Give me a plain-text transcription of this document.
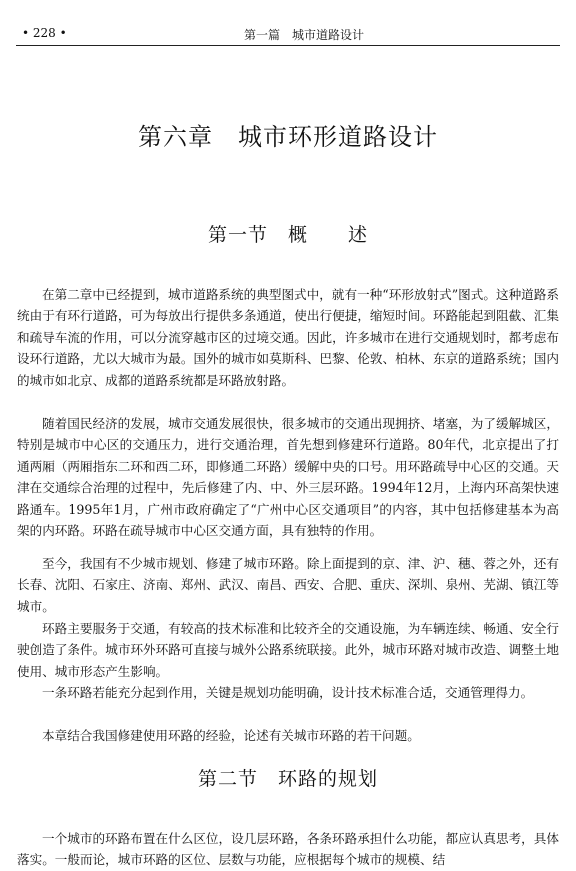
• 228 •	第一篇　城市道路设计
第六章　城市环形道路设计
第一节　概　　述

在第二章中已经提到，城市道路系统的典型图式中，就有一种“环形放射式”图式。这种道路系统由于有环行道路，可为每放出行提供多条通道，使出行便捷，缩短时间。环路能起到阻截、汇集和疏导车流的作用，可以分流穿越市区的过境交通。因此，许多城市在进行交通规划时，都考虑布设环行道路，尤以大城市为最。国外的城市如莫斯科、巴黎、伦敦、柏林、东京的道路系统；国内的城市如北京、成都的道路系统都是环路放射路。

随着国民经济的发展，城市交通发展很快，很多城市的交通出现拥挤、堵塞，为了缓解城区，特别是城市中心区的交通压力，进行交通治理，首先想到修建环行道路。80年代，北京提出了打通两厢（两厢指东二环和西二环，即修通二环路）缓解中央的口号。用环路疏导中心区的交通。天津在交通综合治理的过程中，先后修建了内、中、外三层环路。1994年12月，上海内环高架快速路通车。1995年1月，广州市政府确定了“广州中心区交通项目”的内容，其中包括修建基本为高架的内环路。环路在疏导城市中心区交通方面，具有独特的作用。

至今，我国有不少城市规划、修建了城市环路。除上面提到的京、津、沪、穗、蓉之外，还有长春、沈阳、石家庄、济南、郑州、武汉、南昌、西安、合肥、重庆、深圳、泉州、芜湖、镇江等城市。

环路主要服务于交通，有较高的技术标准和比较齐全的交通设施，为车辆连续、畅通、安全行驶创造了条件。城市环外环路可直接与城外公路系统联接。此外，城市环路对城市改造、调整土地使用、城市形态产生影响。

一条环路若能充分起到作用，关键是规划功能明确，设计技术标准合适，交通管理得力。

本章结合我国修建使用环路的经验，论述有关城市环路的若干问题。

第二节　环路的规划

一个城市的环路布置在什么区位，设几层环路，各条环路承担什么功能，都应认真思考，具体落实。一般而论，城市环路的区位、层数与功能，应根据每个城市的规模、结
